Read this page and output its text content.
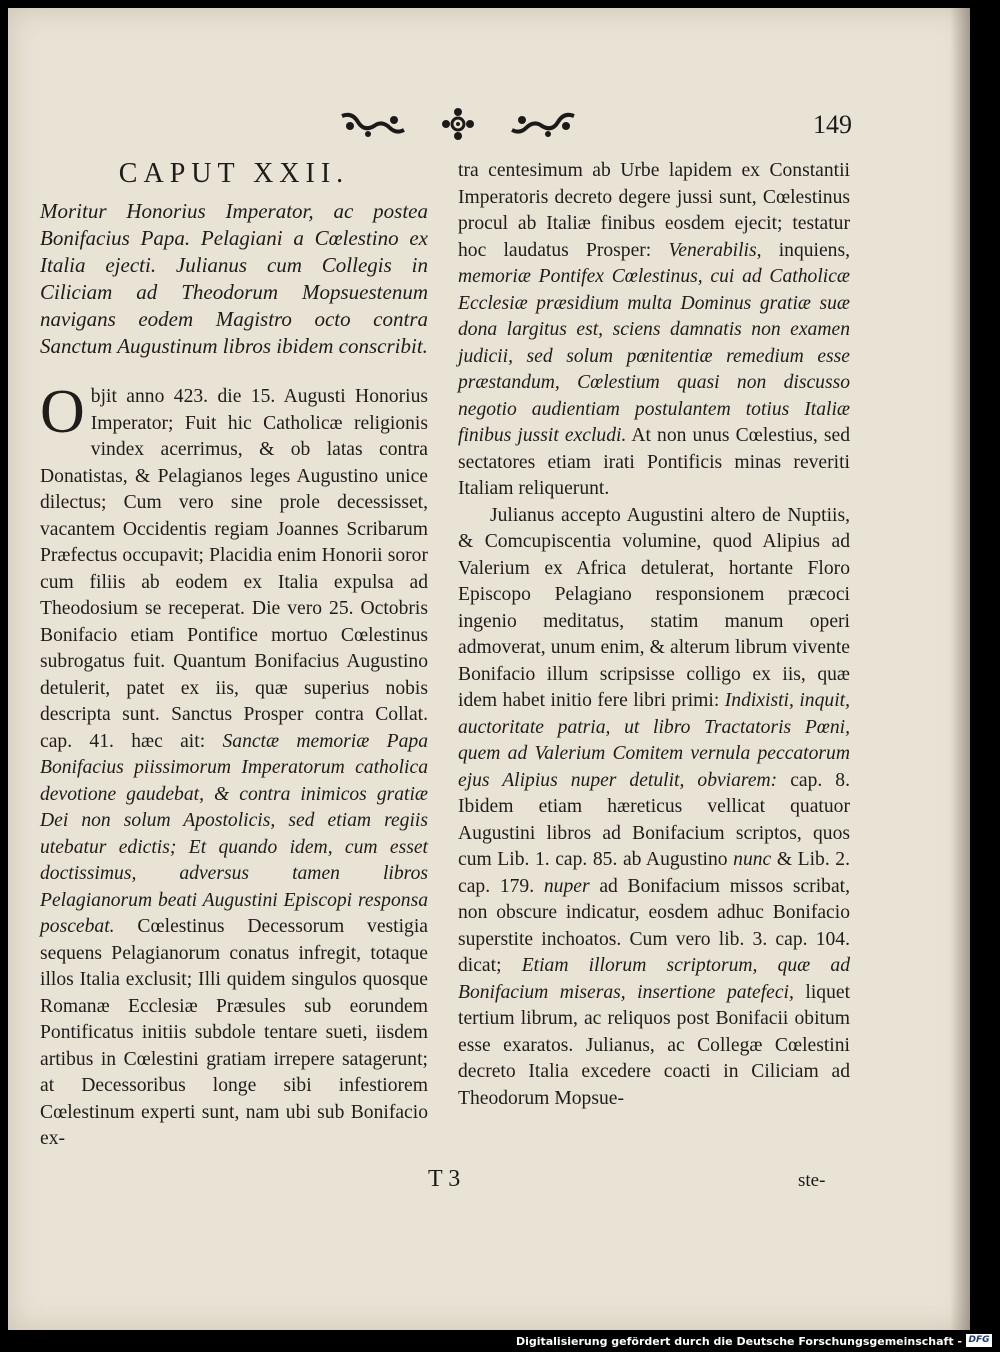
149
CAPUT XXII.

Moritur Honorius Imperator, ac postea Bonifacius Papa. Pelagiani a Cœlestino ex Italia ejecti. Julianus cum Collegis in Ciliciam ad Theodorum Mopsuestenum navigans eodem Magistro octo contra Sanctum Augustinum libros ibidem conscribit.

O bjit anno 423. die 15. Augusti Honorius Imperator; Fuit hic Catholicæ religionis vindex acerrimus, & ob latas contra Donatistas, & Pelagianos leges Augustino unice dilectus; Cum vero sine prole decessisset, vacantem Occidentis regiam Joannes Scribarum Præfectus occupavit; Placidia enim Honorii soror cum filiis ab eodem ex Italia expulsa ad Theodosium se receperat. Die vero 25. Octobris Bonifacio etiam Pontifice mortuo Cœlestinus subrogatus fuit. Quantum Bonifacius Augustino detulerit, patet ex iis, quæ superius nobis descripta sunt. Sanctus Prosper contra Collat. cap. 41. hæc ait: Sanctæ memoriæ Papa Bonifacius piissimorum Imperatorum catholica devotione gaudebat, & contra inimicos gratiæ Dei non solum Apostolicis, sed etiam regiis utebatur edictis; Et quando idem, cum esset doctissimus, adversus tamen libros Pelagianorum beati Augustini Episcopi responsa poscebat. Cœlestinus Decessorum vestigia sequens Pelagianorum conatus infregit, totaque illos Italia exclusit; Illi quidem singulos quosque Romanæ Ecclesiæ Præsules sub eorundem Pontificatus initiis subdole tentare sueti, iisdem artibus in Cœlestini gratiam irrepere satagerunt; at Decessoribus longe sibi infestiorem Cœlestinum experti sunt, nam ubi sub Bonifacio ex-

tra centesimum ab Urbe lapidem ex Constantii Imperatoris decreto degere jussi sunt, Cœlestinus procul ab Italiæ finibus eosdem ejecit; testatur hoc laudatus Prosper: Venerabilis, inquiens, memoriæ Pontifex Cœlestinus, cui ad Catholicæ Ecclesiæ præsidium multa Dominus gratiæ suæ dona largitus est, sciens damnatis non examen judicii, sed solum pœnitentiæ remedium esse præstandum, Cœlestium quasi non discusso negotio audientiam postulantem totius Italiæ finibus jussit excludi. At non unus Cœlestius, sed sectatores etiam irati Pontificis minas reveriti Italiam reliquerunt.

Julianus accepto Augustini altero de Nuptiis, & Comcupiscentia volumine, quod Alipius ad Valerium ex Africa detulerat, hortante Floro Episcopo Pelagiano responsionem præcoci ingenio meditatus, statim manum operi admoverat, unum enim, & alterum librum vivente Bonifacio illum scripsisse colligo ex iis, quæ idem habet initio fere libri primi: Indixisti, inquit, auctoritate patria, ut libro Tractatoris Pœni, quem ad Valerium Comitem vernula peccatorum ejus Alipius nuper detulit, obviarem: cap. 8. Ibidem etiam hæreticus vellicat quatuor Augustini libros ad Bonifacium scriptos, quos cum Lib. 1. cap. 85. ab Augustino nunc & Lib. 2. cap. 179. nuper ad Bonifacium missos scribat, non obscure indicatur, eosdem adhuc Bonifacio superstite inchoatos. Cum vero lib. 3. cap. 104. dicat; Etiam illorum scriptorum, quæ ad Bonifacium miseras, insertione patefeci, liquet tertium librum, ac reliquos post Bonifacii obitum esse exaratos. Julianus, ac Collegæ Cœlestini decreto Italia excedere coacti in Ciliciam ad Theodorum Mopsue-

T 3	ste-
Digitalisierung gefördert durch die Deutsche Forschungsgemeinschaft - DFG
